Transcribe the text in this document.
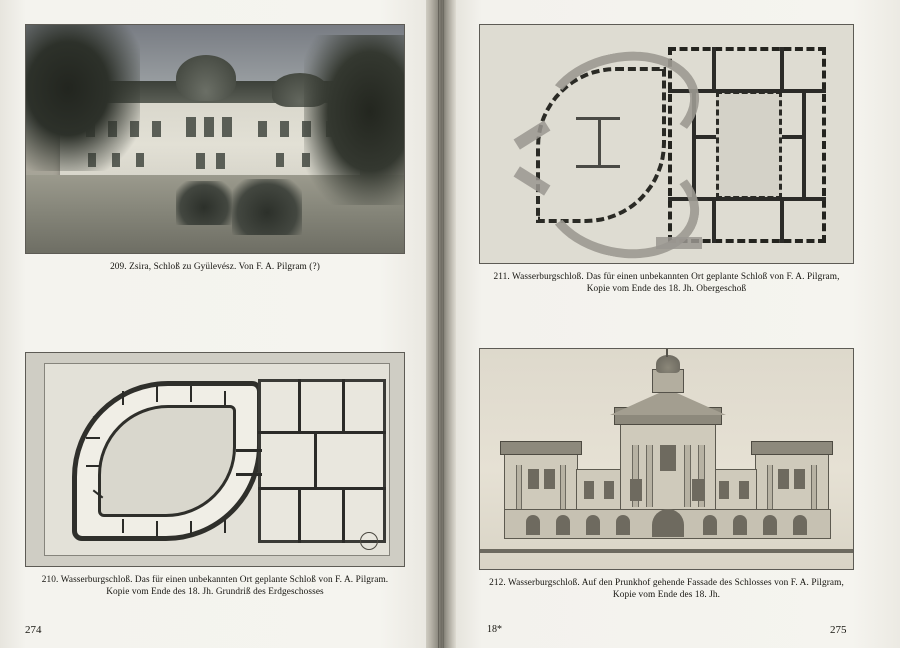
209. Zsira, Schloß zu Gyülevész. Von F. A. Pilgram (?)
210. Wasserburgschloß. Das für einen unbekannten Ort geplante Schloß von F. A. Pilgram.
Kopie vom Ende des 18. Jh. Grundriß des Erdgeschosses
274
211. Wasserburgschloß. Das für einen unbekannten Ort geplante Schloß von F. A. Pilgram,
Kopie vom Ende des 18. Jh. Obergeschoß
212. Wasserburgschloß. Auf den Prunkhof gehende Fassade des Schlosses von F. A. Pilgram,
Kopie vom Ende des 18. Jh.
18*	275
